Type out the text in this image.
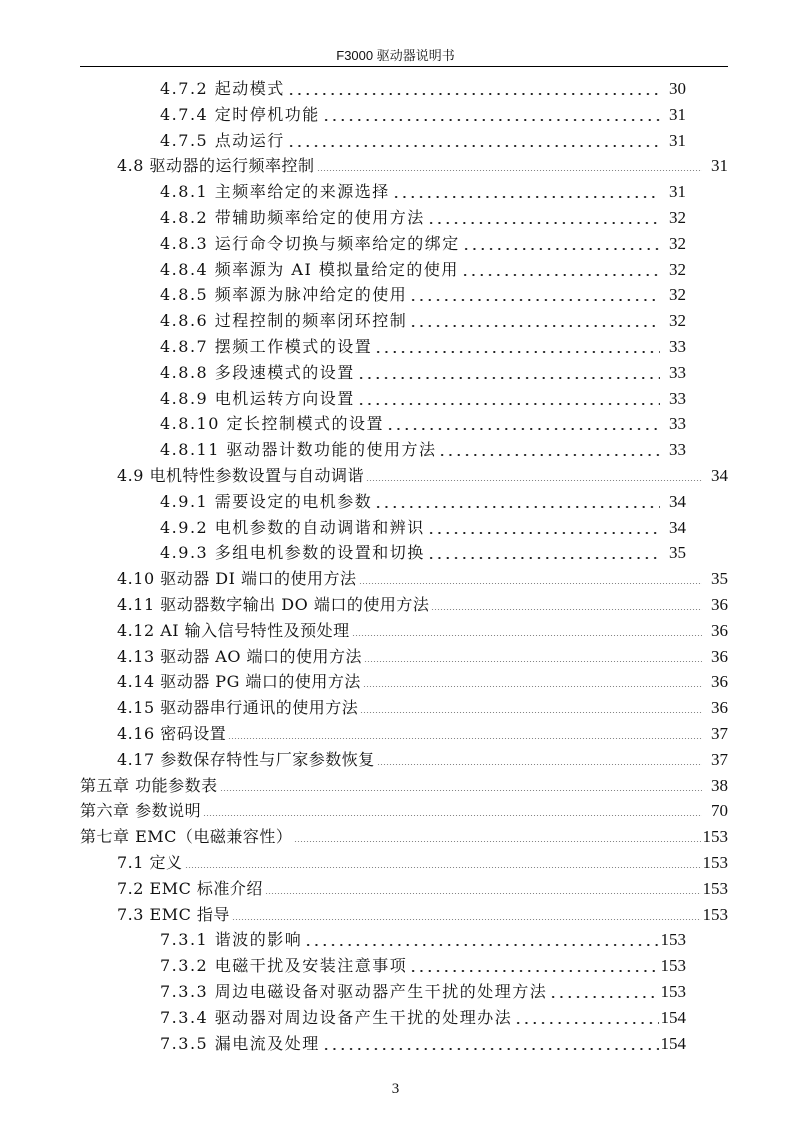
F3000 驱动器说明书
4.7.2 起动模式	30
4.7.4 定时停机功能	31
4.7.5 点动运行	31
4.8 驱动器的运行频率控制	31
4.8.1 主频率给定的来源选择	31
4.8.2 带辅助频率给定的使用方法	32
4.8.3 运行命令切换与频率给定的绑定	32
4.8.4 频率源为 AI 模拟量给定的使用	32
4.8.5 频率源为脉冲给定的使用	32
4.8.6 过程控制的频率闭环控制	32
4.8.7 摆频工作模式的设置	33
4.8.8 多段速模式的设置	33
4.8.9 电机运转方向设置	33
4.8.10 定长控制模式的设置	33
4.8.11 驱动器计数功能的使用方法	33
4.9 电机特性参数设置与自动调谐	34
4.9.1 需要设定的电机参数	34
4.9.2 电机参数的自动调谐和辨识	34
4.9.3 多组电机参数的设置和切换	35
4.10 驱动器 DI 端口的使用方法	35
4.11 驱动器数字输出 DO 端口的使用方法	36
4.12 AI 输入信号特性及预处理	36
4.13 驱动器 AO 端口的使用方法	36
4.14 驱动器 PG 端口的使用方法	36
4.15 驱动器串行通讯的使用方法	36
4.16 密码设置	37
4.17 参数保存特性与厂家参数恢复	37
第五章 功能参数表	38
第六章 参数说明	70
第七章 EMC（电磁兼容性）	153
7.1 定义	153
7.2 EMC 标准介绍	153
7.3 EMC 指导	153
7.3.1 谐波的影响	153
7.3.2 电磁干扰及安装注意事项	153
7.3.3 周边电磁设备对驱动器产生干扰的处理方法	153
7.3.4 驱动器对周边设备产生干扰的处理办法	154
7.3.5 漏电流及处理	154
3
